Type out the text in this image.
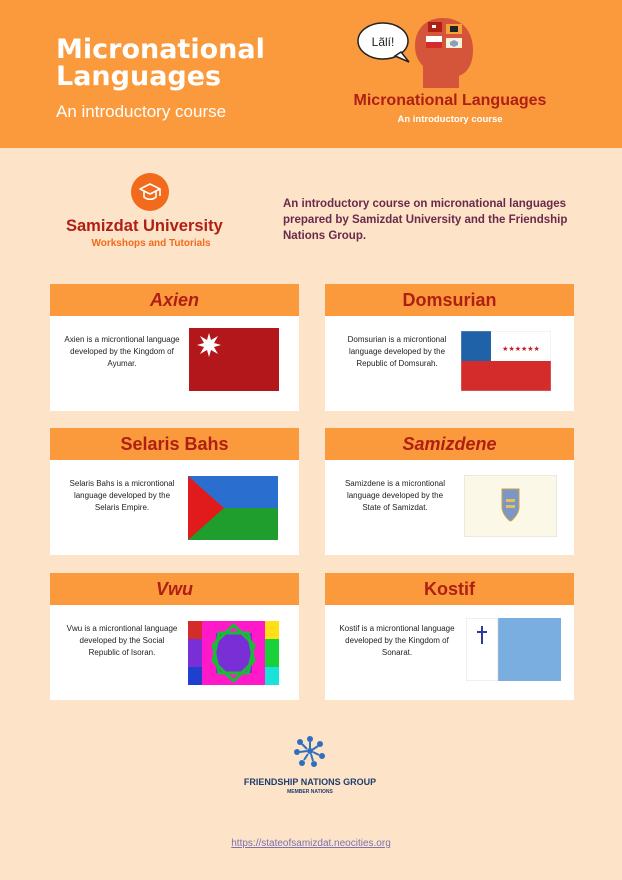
Micronational Languages
An introductory course
Lãlí!
Micronational Languages
An introductory course
Samizdat University
Workshops and Tutorials

An introductory course on micronational languages prepared by Samizdat University and the Friendship Nations Group.

Axien
Axien is a microntional language developed by the Kingdom of Ayumar.
Domsurian
Domsurian is a microntional language developed by the Republic of Domsurah.
★★★★★★
Selaris Bahs
Selaris Bahs is a microntional language developed by the Selaris Empire.
Samizdene
Samizdene is a microntional language developed by the State of Samizdat.
Vwu
Vwu is a microntional language developed by the Social Republic of Isoran.
Kostif
Kostif is a microntional language developed by the Kingdom of Sonarat.
FRIENDSHIP NATIONS GROUP
MEMBER NATIONS
https://stateofsamizdat.neocities.org
